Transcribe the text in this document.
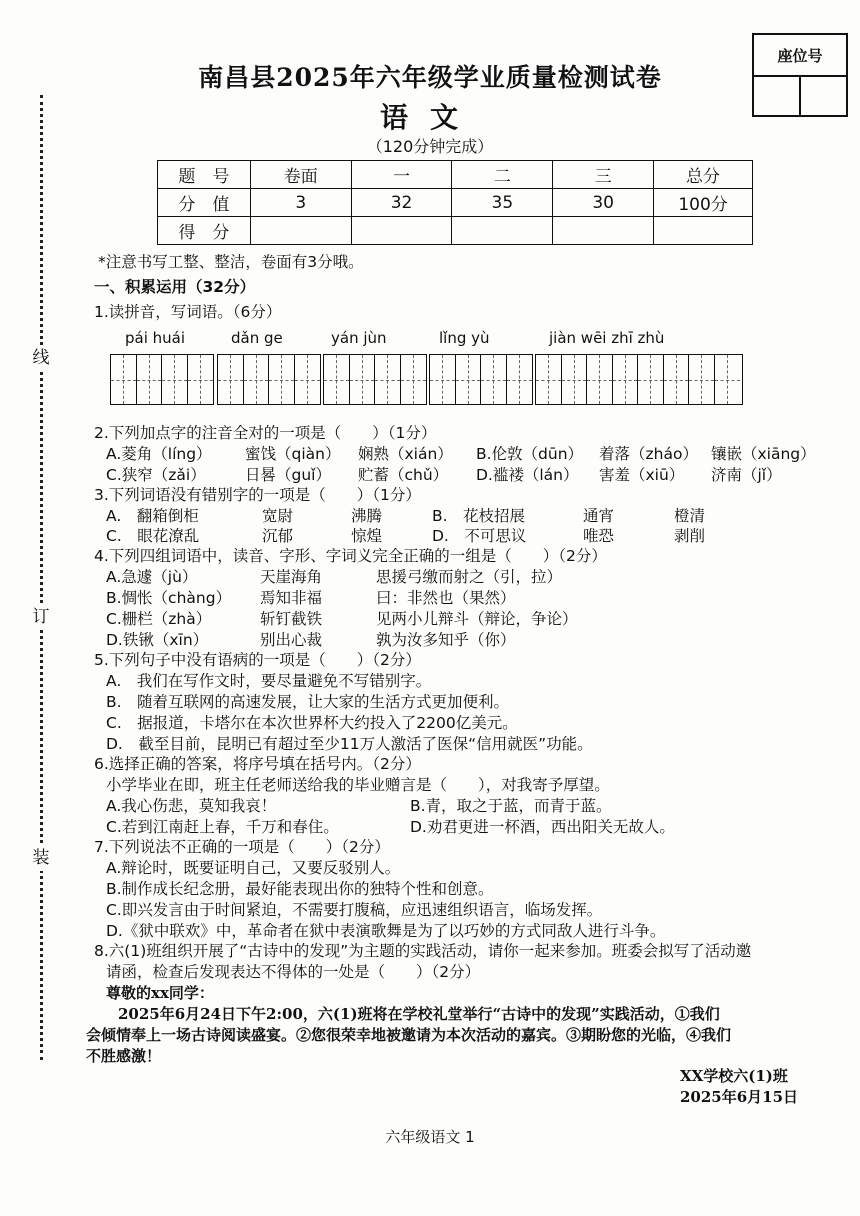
座位号
南昌县2025年六年级学业质量检测试卷
语文
（120分钟完成）
题　号	卷面	一	二	三	总分
分　值	3	32	35	30	100分
得　分					
线
订
装
*注意书写工整、整洁，卷面有3分哦。
一、积累运用（32分）
1.读拼音，写词语。（6分）
pái huái	dǎn ge	yán jùn	lǐng yù	jiàn wēi zhī zhù
2.下列加点字的注音全对的一项是（　　）（1分）
A.菱角（líng） 蜜饯（qiàn） 娴熟（xián） B.伦敦（dūn） 着落（zháo） 镶嵌（xiāng）
C.狭窄（zǎi）	日晷（guǐ） 贮蓄（chǔ） D.褴褛（lán） 害羞（xiū） 济南（jǐ）
3.下列词语没有错别字的一项是（　　）（1分）
A.　翻箱倒柜	宽尉	沸腾	B.　花枝招展	通宵	橙清
C.　眼花潦乱	沉郁	惊煌	D.　不可思议	唯恐	剥削
4.下列四组词语中，读音、字形、字词义完全正确的一组是（　　）（2分）
A.急遽（jù）	天崖海角	思援弓缴而射之（引，拉）
B.惆怅（chàng） 焉知非福	曰：非然也（果然）
C.栅栏（zhà）	斩钉截铁	见两小儿辩斗（辩论，争论）
D.铁锹（xīn）	别出心裁	孰为汝多知乎（你）
5.下列句子中没有语病的一项是（　　）（2分）
A.　我们在写作文时，要尽量避免不写错别字。
B.　随着互联网的高速发展，让大家的生活方式更加便利。
C.　据报道，卡塔尔在本次世界杯大约投入了2200亿美元。
D.　截至目前，昆明已有超过至少11万人激活了医保“信用就医”功能。
6.选择正确的答案，将序号填在括号内。（2分）
小学毕业在即，班主任老师送给我的毕业赠言是（　　），对我寄予厚望。
A.我心伤悲，莫知我哀！	B.青，取之于蓝，而青于蓝。
C.若到江南赶上春，千万和春住。	D.劝君更进一杯酒，西出阳关无故人。
7.下列说法不正确的一项是（　　）（2分）
A.辩论时，既要证明自己，又要反驳别人。
B.制作成长纪念册，最好能表现出你的独特个性和创意。
C.即兴发言由于时间紧迫，不需要打腹稿，应迅速组织语言，临场发挥。
D.《狱中联欢》中，革命者在狱中表演歌舞是为了以巧妙的方式同敌人进行斗争。
8.六(1)班组织开展了“古诗中的发现”为主题的实践活动，请你一起来参加。班委会拟写了活动邀
请函，检查后发现表达不得体的一处是（　　）（2分）
尊敬的xx同学：
2025年6月24日下午2:00，六(1)班将在学校礼堂举行“古诗中的发现”实践活动，①我们
会倾情奉上一场古诗阅读盛宴。②您很荣幸地被邀请为本次活动的嘉宾。③期盼您的光临，④我们
不胜感激！
XX学校六(1)班
2025年6月15日
六年级语文 1
